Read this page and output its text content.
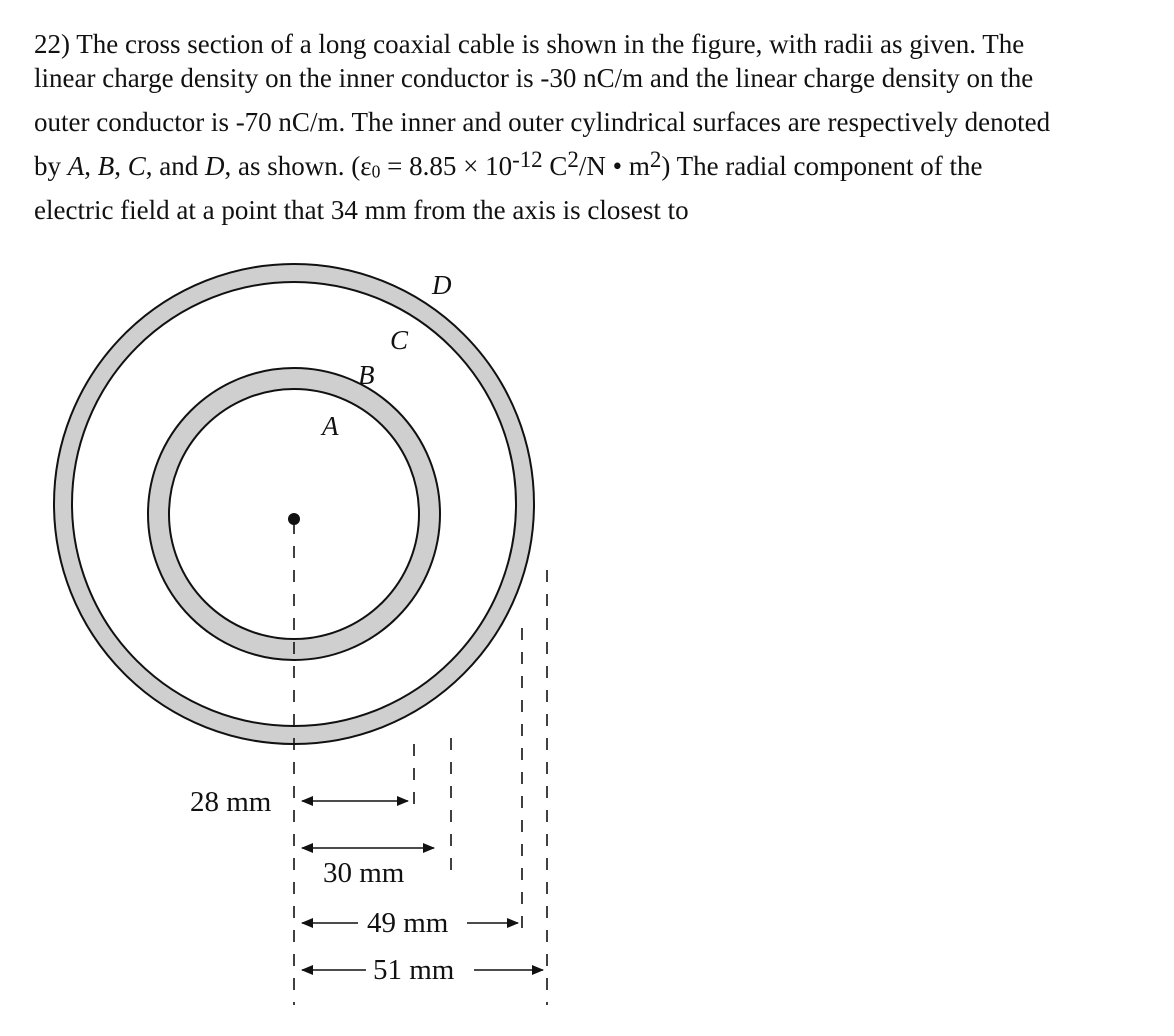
22) The cross section of a long coaxial cable is shown in the figure, with radii as given. The
linear charge density on the inner conductor is -30 nC/m and the linear charge density on the
outer conductor is -70 nC/m. The inner and outer cylindrical surfaces are respectively denoted
by A, B, C, and D, as shown. ($\varepsilon_0 = 8.85 \times 10^{-12}$ $C^2/N$ • $m^2$) The radial component of the
electric field at a point that 34 mm from the axis is closest to

A
B
C
D
28 mm
30 mm
49 mm
51 mm
